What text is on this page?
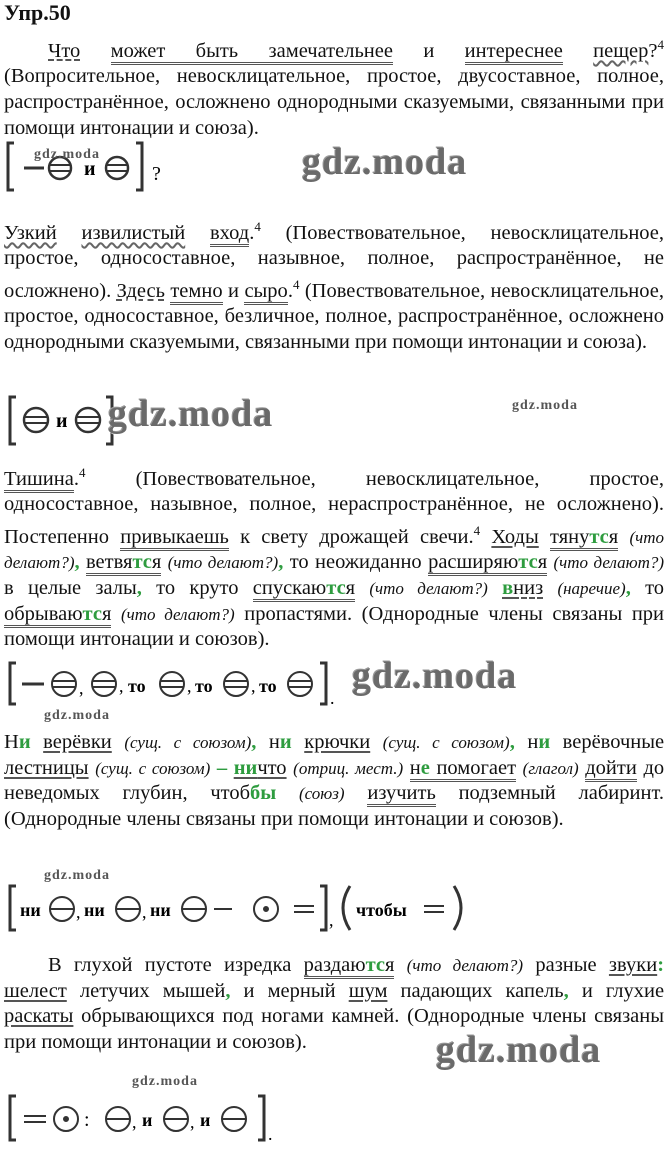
Упр.50
Что может быть замечательнее и интереснее пещер?$^4$ (Вопросительное, невосклицательное, простое, двусоставное, полное, распространённое, осложнено однородными сказуемыми, связанными при помощи интонации и союза).
и	?
gdz.moda	gdz.moda
Узкий извилистый вход.$^4$ (Повествовательное, невосклицательное, простое, односоставное, назывное, полное, распространённое, не осложнено). Здесь темно и сыро.$^4$ (Повествовательное, невосклицательное, простое, односоставное, безличное, полное, распространённое, осложнено однородными сказуемыми, связанными при помощи интонации и союза).
и gdz.moda	gdz.moda
Тишина.$^4$ (Повествовательное, невосклицательное, простое, односоставное, назывное, полное, нераспространённое, не осложнено). Постепенно привыкаешь к свету дрожащей свечи.$^4$ Ходы тянутся (что делают?), ветвятся (что делают?), то неожиданно расширяются (что делают?) в целые залы, то круто спускаются (что делают?) вниз (наречие), то обрываются (что делают?) пропастями. (Однородные члены связаны при помощи интонации и союзов).
, , то , то , то
.
gdz.moda
gdz.moda
Ни верёвки (сущ. с союзом), ни крючки (сущ. с союзом), ни верёвочные лестницы (сущ. с союзом) – ничто (отриц. мест.) не помогает (глагол) дойти до неведомых глубин, чтоббы (союз) изучить подземный лабиринт. (Однородные члены связаны при помощи интонации и союзов).
gdz.moda
ни , ни , ни	, чтобы
В глухой пустоте изредка раздаются (что делают?) разные звуки: шелест летучих мышей, и мерный шум падающих капель, и глухие раскаты обрывающихся под ногами камней. (Однородные члены связаны при помощи интонации и союзов).	gdz.moda
gdz.moda
: , и , и
.
